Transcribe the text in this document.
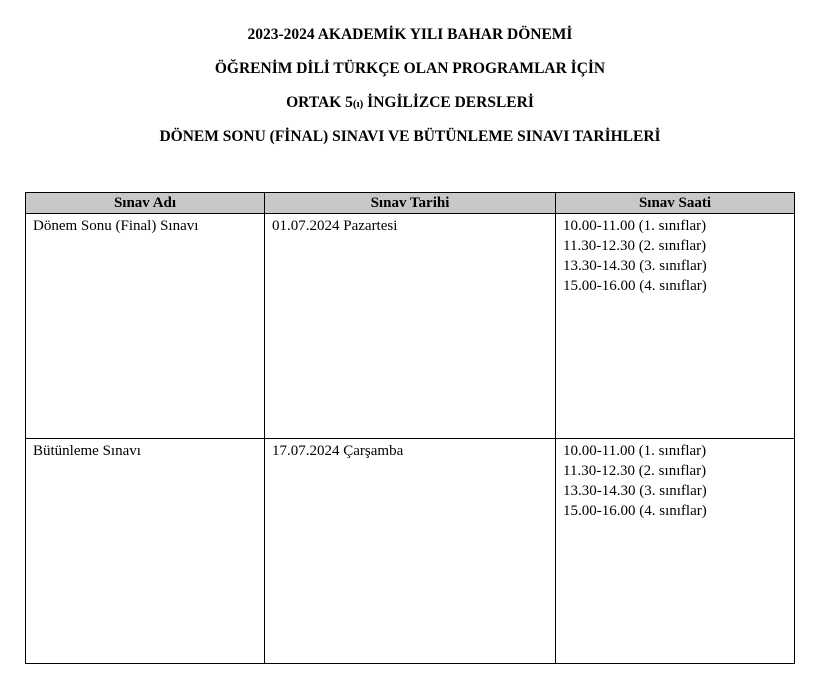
2023-2024 AKADEMİK YILI BAHAR DÖNEMİ
ÖĞRENİM DİLİ TÜRKÇE OLAN PROGRAMLAR İÇİN
ORTAK 5(ı) İNGİLİZCE DERSLERİ
DÖNEM SONU (FİNAL) SINAVI VE BÜTÜNLEME SINAVI TARİHLERİ
Sınav Adı	Sınav Tarihi	Sınav Saati
Dönem Sonu (Final) Sınavı	01.07.2024 Pazartesi	10.00-11.00 (1. sınıflar)
11.30-12.30 (2. sınıflar)
13.30-14.30 (3. sınıflar)
15.00-16.00 (4. sınıflar)

Bütünleme Sınavı	17.07.2024 Çarşamba	10.00-11.00 (1. sınıflar)
11.30-12.30 (2. sınıflar)
13.30-14.30 (3. sınıflar)
15.00-16.00 (4. sınıflar)
